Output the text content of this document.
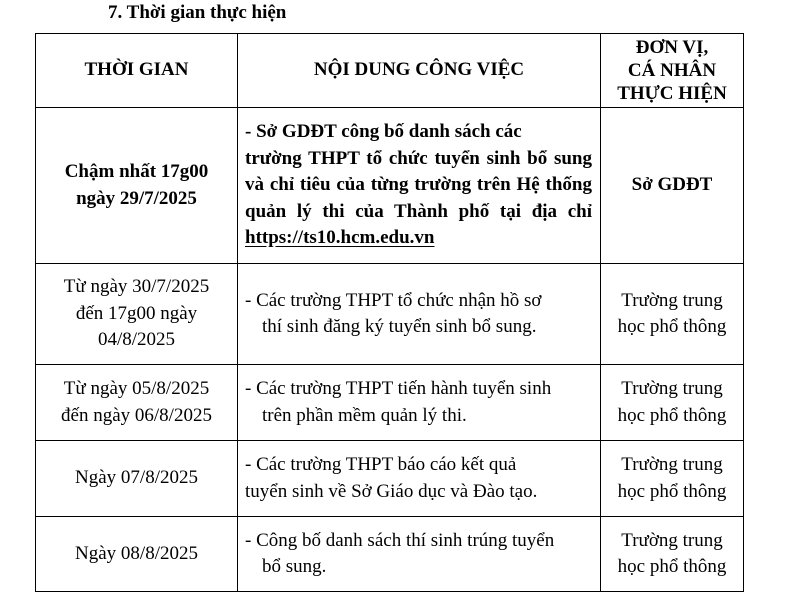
7. Thời gian thực hiện
THỜI GIAN	NỘI DUNG CÔNG VIỆC	ĐƠN VỊ,
CÁ NHÂN
THỰC HIỆN

Chậm nhất 17g00
ngày 29/7/2025	- Sở GDĐT công bố danh sách các
trường THPT tổ chức tuyển sinh bổ sung và chỉ tiêu của từng trường trên Hệ thống quản lý thi của Thành phố tại địa chỉ https://ts10.hcm.edu.vn	Sở GDĐT

Từ ngày 30/7/2025
đến 17g00 ngày
04/8/2025	- Các trường THPT tổ chức nhận hồ sơ
thí sinh đăng ký tuyển sinh bổ sung.	Trường trung
học phổ thông

Từ ngày 05/8/2025
đến ngày 06/8/2025	- Các trường THPT tiến hành tuyển sinh
trên phần mềm quản lý thi.	Trường trung
học phổ thông

Ngày 07/8/2025	- Các trường THPT báo cáo kết quả
tuyển sinh về Sở Giáo dục và Đào tạo.	Trường trung
học phổ thông

Ngày 08/8/2025	- Công bố danh sách thí sinh trúng tuyển
bổ sung.	Trường trung
học phổ thông
